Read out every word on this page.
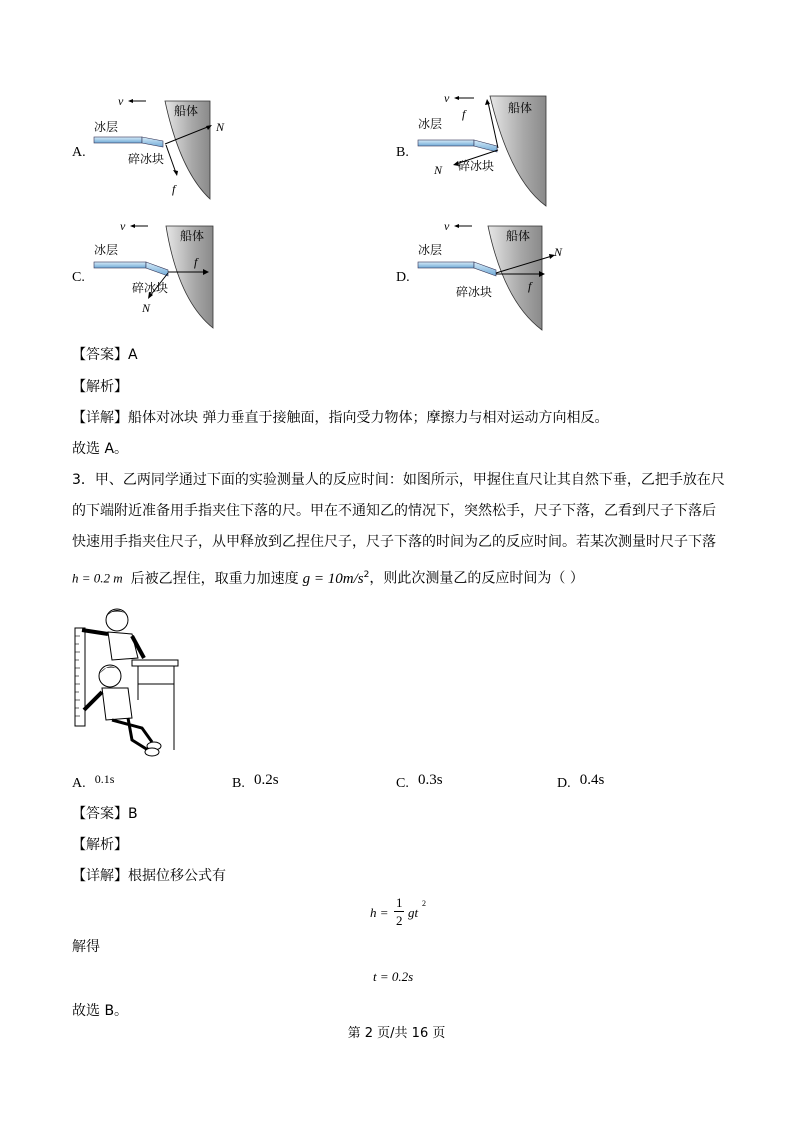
A.
v
冰层
船体
碎冰块
N
f
B.
v
冰层
船体
碎冰块
N
f
C.
v
冰层
船体
碎冰块
N
f
D.
v
冰层
船体
碎冰块
N
f
【答案】A
【解析】
【详解】船体对冰块 弹力垂直于接触面，指向受力物体；摩擦力与相对运动方向相反。
故选 A。
3．甲、乙两同学通过下面的实验测量人的反应时间：如图所示，甲握住直尺让其自然下垂，乙把手放在尺
的下端附近准备用手指夹住下落的尺。甲在不通知乙的情况下，突然松手，尺子下落，乙看到尺子下落后
快速用手指夹住尺子，从甲释放到乙捏住尺子，尺子下落的时间为乙的反应时间。若某次测量时尺子下落
h = 0.2 m 后被乙捏住，取重力加速度 $g = 10m/s^2$，则此次测量乙的反应时间为（ ）
A. $^{0.1s}$	B. 0.2s	C. 0.3s	D. 0.4s
【答案】B
【解析】
【详解】根据位移公式有
h =
1
2
gt
2
解得
t = 0.2s
故选 B。
第 2 页/共 16 页
